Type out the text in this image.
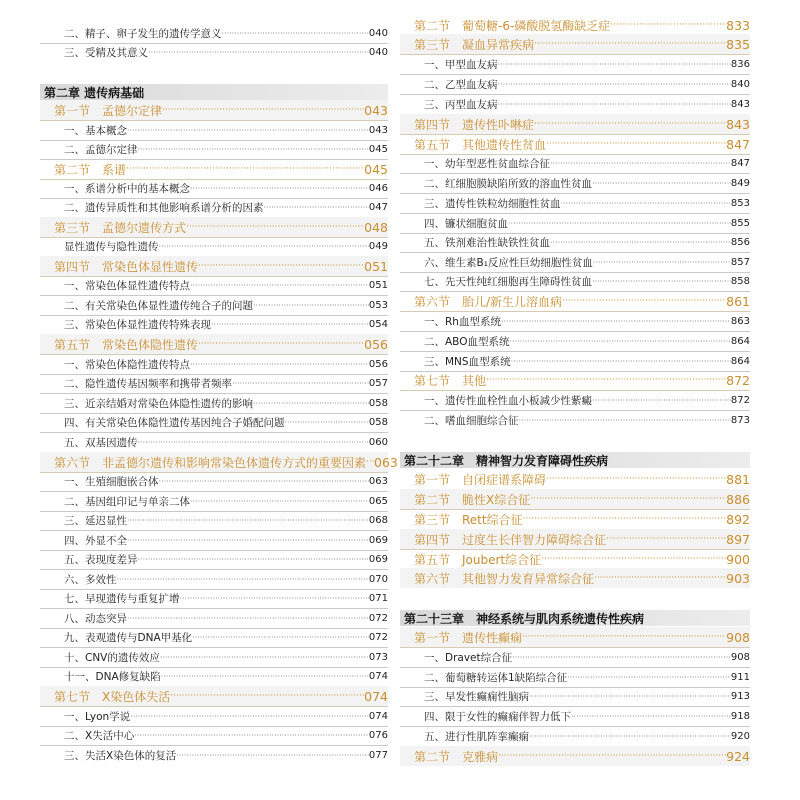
二、精子、卵子发生的遗传学意义 ·····	040
三、受精及其意义 ·····	040
第二章 遗传病基础
第一节　孟德尔定律 ·····	043
一、基本概念 ·····	043
二、孟德尔定律 ·····	045
第二节　系谱 ·····	045
一、系谱分析中的基本概念 ·····	046
二、遗传异质性和其他影响系谱分析的因素 ·····	047
第三节　孟德尔遗传方式 ·····	048
显性遗传与隐性遗传 ·····	049
第四节　常染色体显性遗传 ·····	051
一、常染色体显性遗传特点 ·····	051
二、有关常染色体显性遗传纯合子的问题 ·····	053
三、常染色体显性遗传特殊表现 ·····	054
第五节　常染色体隐性遗传 ·····	056
一、常染色体隐性遗传特点 ·····	056
二、隐性遗传基因频率和携带者频率 ·····	057
三、近亲结婚对常染色体隐性遗传的影响 ·····	058
四、有关常染色体隐性遗传基因纯合子婚配问题 ·····	058
五、双基因遗传 ·····	060
第六节　非孟德尔遗传和影响常染色体遗传方式的重要因素 ····· 063
一、生殖细胞嵌合体 ·····	063
二、基因组印记与单亲二体 ·····	065
三、延迟显性 ·····	068
四、外显不全 ·····	069
五、表现度差异 ·····	069
六、多效性 ·····	070
七、早现遗传与重复扩增 ·····	071
八、动态突异 ·····	072
九、表观遗传与DNA甲基化 ·····	072
十、CNV的遗传效应 ·····	073
十一、DNA修复缺陷 ·····	074
第七节　X染色体失活 ·····	074
一、Lyon学说 ·····	074
二、X失活中心 ·····	076
三、失活X染色体的复活 ·····	077
第二节　葡萄糖-6-磷酸脱氢酶缺乏症 ·····	833
第三节　凝血异常疾病 ·····	835
一、甲型血友病 ·····	836
二、乙型血友病 ·····	840
三、丙型血友病 ·····	843
第四节　遗传性卟啉症 ·····	843
第五节　其他遗传性贫血 ·····	847
一、幼年型恶性贫血综合征 ·····	847
二、红细胞膜缺陷所致的溶血性贫血 ·····	849
三、遗传性铁粒幼细胞性贫血 ·····	853
四、镰状细胞贫血 ·····	855
五、铁剂难治性缺铁性贫血 ·····	856
六、维生素B₁反应性巨幼细胞性贫血 ·····	857
七、先天性纯红细胞再生障碍性贫血 ·····	858
第六节　胎儿/新生儿溶血病 ·····	861
一、Rh血型系统 ·····	863
二、ABO血型系统 ·····	864
三、MNS血型系统 ·····	864
第七节　其他 ·····	872
一、遗传性血栓性血小板减少性紫癜 ·····	872
二、嗜血细胞综合征 ·····	873
第二十二章　精神智力发育障碍性疾病
第一节　自闭症谱系障碍 ·····	881
第二节　脆性X综合征 ·····	886
第三节　Rett综合征 ·····	892
第四节　过度生长伴智力障碍综合征 ·····	897
第五节　Joubert综合征 ·····	900
第六节　其他智力发育异常综合征 ·····	903
第二十三章　神经系统与肌肉系统遗传性疾病
第一节　遗传性癫痫 ·····	908
一、Dravet综合征 ·····	908
二、葡萄糖转运体1缺陷综合征 ·····	911
三、早发性癫痫性脑病 ·····	913
四、限于女性的癫痫伴智力低下 ·····	918
五、进行性肌阵挛癫痫 ·····	920
第二节　克雅病 ·····	924
